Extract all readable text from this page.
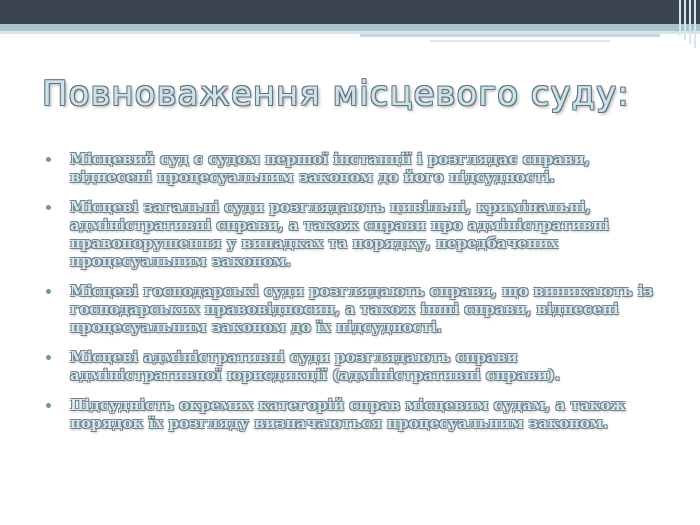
Повноваження місцевого суду:
Місцевий суд є судом першої інстанції і розглядає справи, віднесені процесуальним законом до його підсудності.
Місцеві загальні суди розглядають цивільні, кримінальні, адміністративні справи, а також справи про адміністративні правопорушення у випадках та порядку, передбачених процесуальним законом.
Місцеві господарські суди розглядають справи, що виникають із господарських правовідносин, а також інші справи, віднесені процесуальним законом до їх підсудності.
Місцеві адміністративні суди розглядають справи адміністративної юрисдикції (адміністративні справи).
Підсудність окремих категорій справ місцевим судам, а також порядок їх розгляду визначаються процесуальним законом.
